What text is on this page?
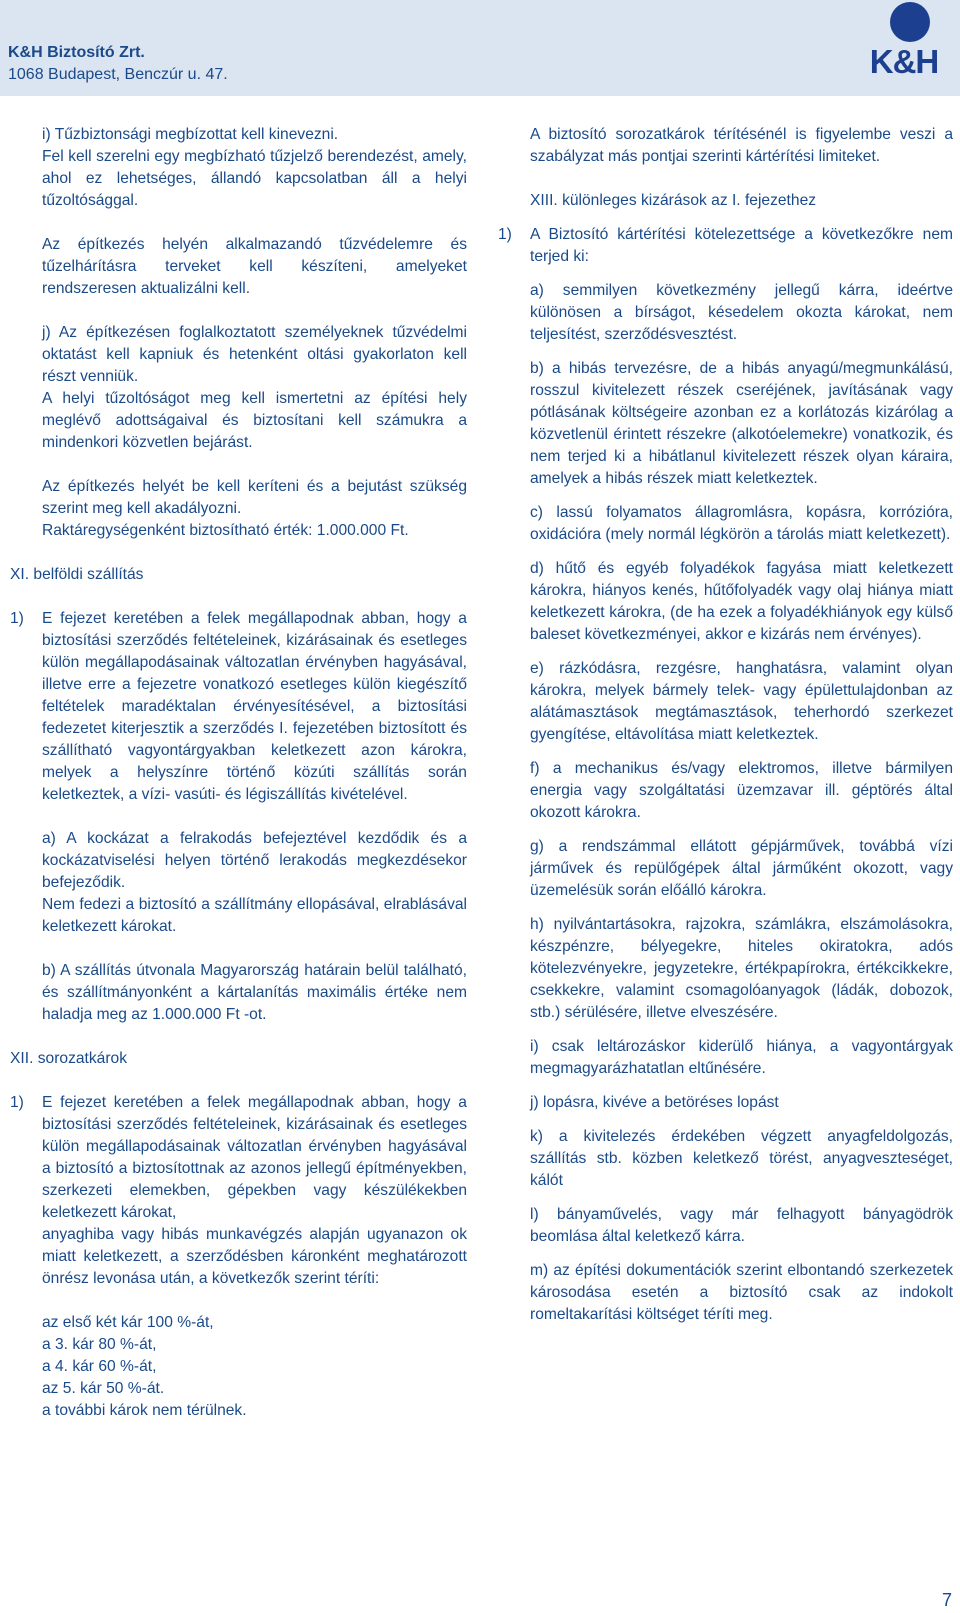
K&H Biztosító Zrt.
1068 Budapest, Benczúr u. 47.	K&H

i) Tűzbiztonsági megbízottat kell kinevezni.

Fel kell szerelni egy megbízható tűzjelző berendezést, amely, ahol ez lehetséges, állandó kapcsolatban áll a helyi tűzoltósággal.

Az építkezés helyén alkalmazandó tűzvédelemre és tűzelhárításra terveket kell készíteni, amelyeket rendszeresen aktualizálni kell.

j) Az építkezésen foglalkoztatott személyeknek tűzvédelmi oktatást kell kapniuk és hetenként oltási gyakorlaton kell részt venniük.

A helyi tűzoltóságot meg kell ismertetni az építési hely meglévő adottságaival és biztosítani kell számukra a mindenkori közvetlen bejárást.

Az építkezés helyét be kell keríteni és a bejutást szükség szerint meg kell akadályozni.

Raktáregységenként biztosítható érték: 1.000.000 Ft.

XI. belföldi szállítás

1) E fejezet keretében a felek megállapodnak abban, hogy a biztosítási szerződés feltételeinek, kizárásainak és esetleges külön megállapodásainak változatlan érvényben hagyásával, illetve erre a fejezetre vonatkozó esetleges külön kiegészítő feltételek maradéktalan érvényesítésével, a biztosítási fedezetet kiterjesztik a szerződés I. fejezetében biztosított és szállítható vagyontárgyakban keletkezett azon károkra, melyek a helyszínre történő közúti szállítás során keletkeztek, a vízi- vasúti- és légiszállítás kivételével.

a) A kockázat a felrakodás befejeztével kezdődik és a kockázatviselési helyen történő lerakodás megkezdésekor befejeződik.

Nem fedezi a biztosító a szállítmány ellopásával, elrablásával keletkezett károkat.

b) A szállítás útvonala Magyarország határain belül található, és szállítmányonként a kártalanítás maximális értéke nem haladja meg az 1.000.000 Ft -ot.

XII. sorozatkárok

1) E fejezet keretében a felek megállapodnak abban, hogy a biztosítási szerződés feltételeinek, kizárásainak és esetleges külön megállapodásainak változatlan érvényben hagyásával a biztosító a biztosítottnak az azonos jellegű építményekben, szerkezeti elemekben, gépekben vagy készülékekben keletkezett károkat,

anyaghiba vagy hibás munkavégzés alapján ugyanazon ok miatt keletkezett, a szerződésben káronként meghatározott önrész levonása után, a következők szerint téríti:

az első két kár 100 %-át,
a 3. kár 80 %-át,
a 4. kár 60 %-át,
az 5. kár 50 %-át.
a további károk nem térülnek.

A biztosító sorozatkárok térítésénél is figyelembe veszi a szabályzat más pontjai szerinti kártérítési limiteket.

XIII. különleges kizárások az I. fejezethez

1) A Biztosító kártérítési kötelezettsége a következőkre nem terjed ki:

a) semmilyen következmény jellegű kárra, ideértve különösen a bírságot, késedelem okozta károkat, nem teljesítést, szerződésvesztést.

b) a hibás tervezésre, de a hibás anyagú/megmunkálású, rosszul kivitelezett részek cseréjének, javításának vagy pótlásának költségeire azonban ez a korlátozás kizárólag a közvetlenül érintett részekre (alkotóelemekre) vonatkozik, és nem terjed ki a hibátlanul kivitelezett részek olyan káraira, amelyek a hibás részek miatt keletkeztek.

c) lassú folyamatos állagromlásra, kopásra, korrózióra, oxidációra (mely normál légkörön a tárolás miatt keletkezett).

d) hűtő és egyéb folyadékok fagyása miatt keletkezett károkra, hiányos kenés, hűtőfolyadék vagy olaj hiánya miatt keletkezett károkra, (de ha ezek a folyadékhiányok egy külső baleset következményei, akkor e kizárás nem érvényes).

e) rázkódásra, rezgésre, hanghatásra, valamint olyan károkra, melyek bármely telek- vagy épülettulajdonban az alátámasztások megtámasztások, teherhordó szerkezet gyengítése, eltávolítása miatt keletkeztek.

f) a mechanikus és/vagy elektromos, illetve bármilyen energia vagy szolgáltatási üzemzavar ill. géptörés által okozott károkra.

g) a rendszámmal ellátott gépjárművek, továbbá vízi járművek és repülőgépek által járműként okozott, vagy üzemelésük során előálló károkra.

h) nyilvántartásokra, rajzokra, számlákra, elszámolásokra, készpénzre, bélyegekre, hiteles okiratokra, adós kötelezvényekre, jegyzetekre, értékpapírokra, értékcikkekre, csekkekre, valamint csomagolóanyagok (ládák, dobozok, stb.) sérülésére, illetve elveszésére.

i) csak leltározáskor kiderülő hiánya, a vagyontárgyak megmagyarázhatatlan eltűnésére.

j) lopásra, kivéve a betöréses lopást

k) a kivitelezés érdekében végzett anyagfeldolgozás, szállítás stb. közben keletkező törést, anyagveszteséget, kálót

l) bányaművelés, vagy már felhagyott bányagödrök beomlása által keletkező kárra.

m) az építési dokumentációk szerint elbontandó szerkezetek károsodása esetén a biztosító csak az indokolt romeltakarítási költséget téríti meg.

7
